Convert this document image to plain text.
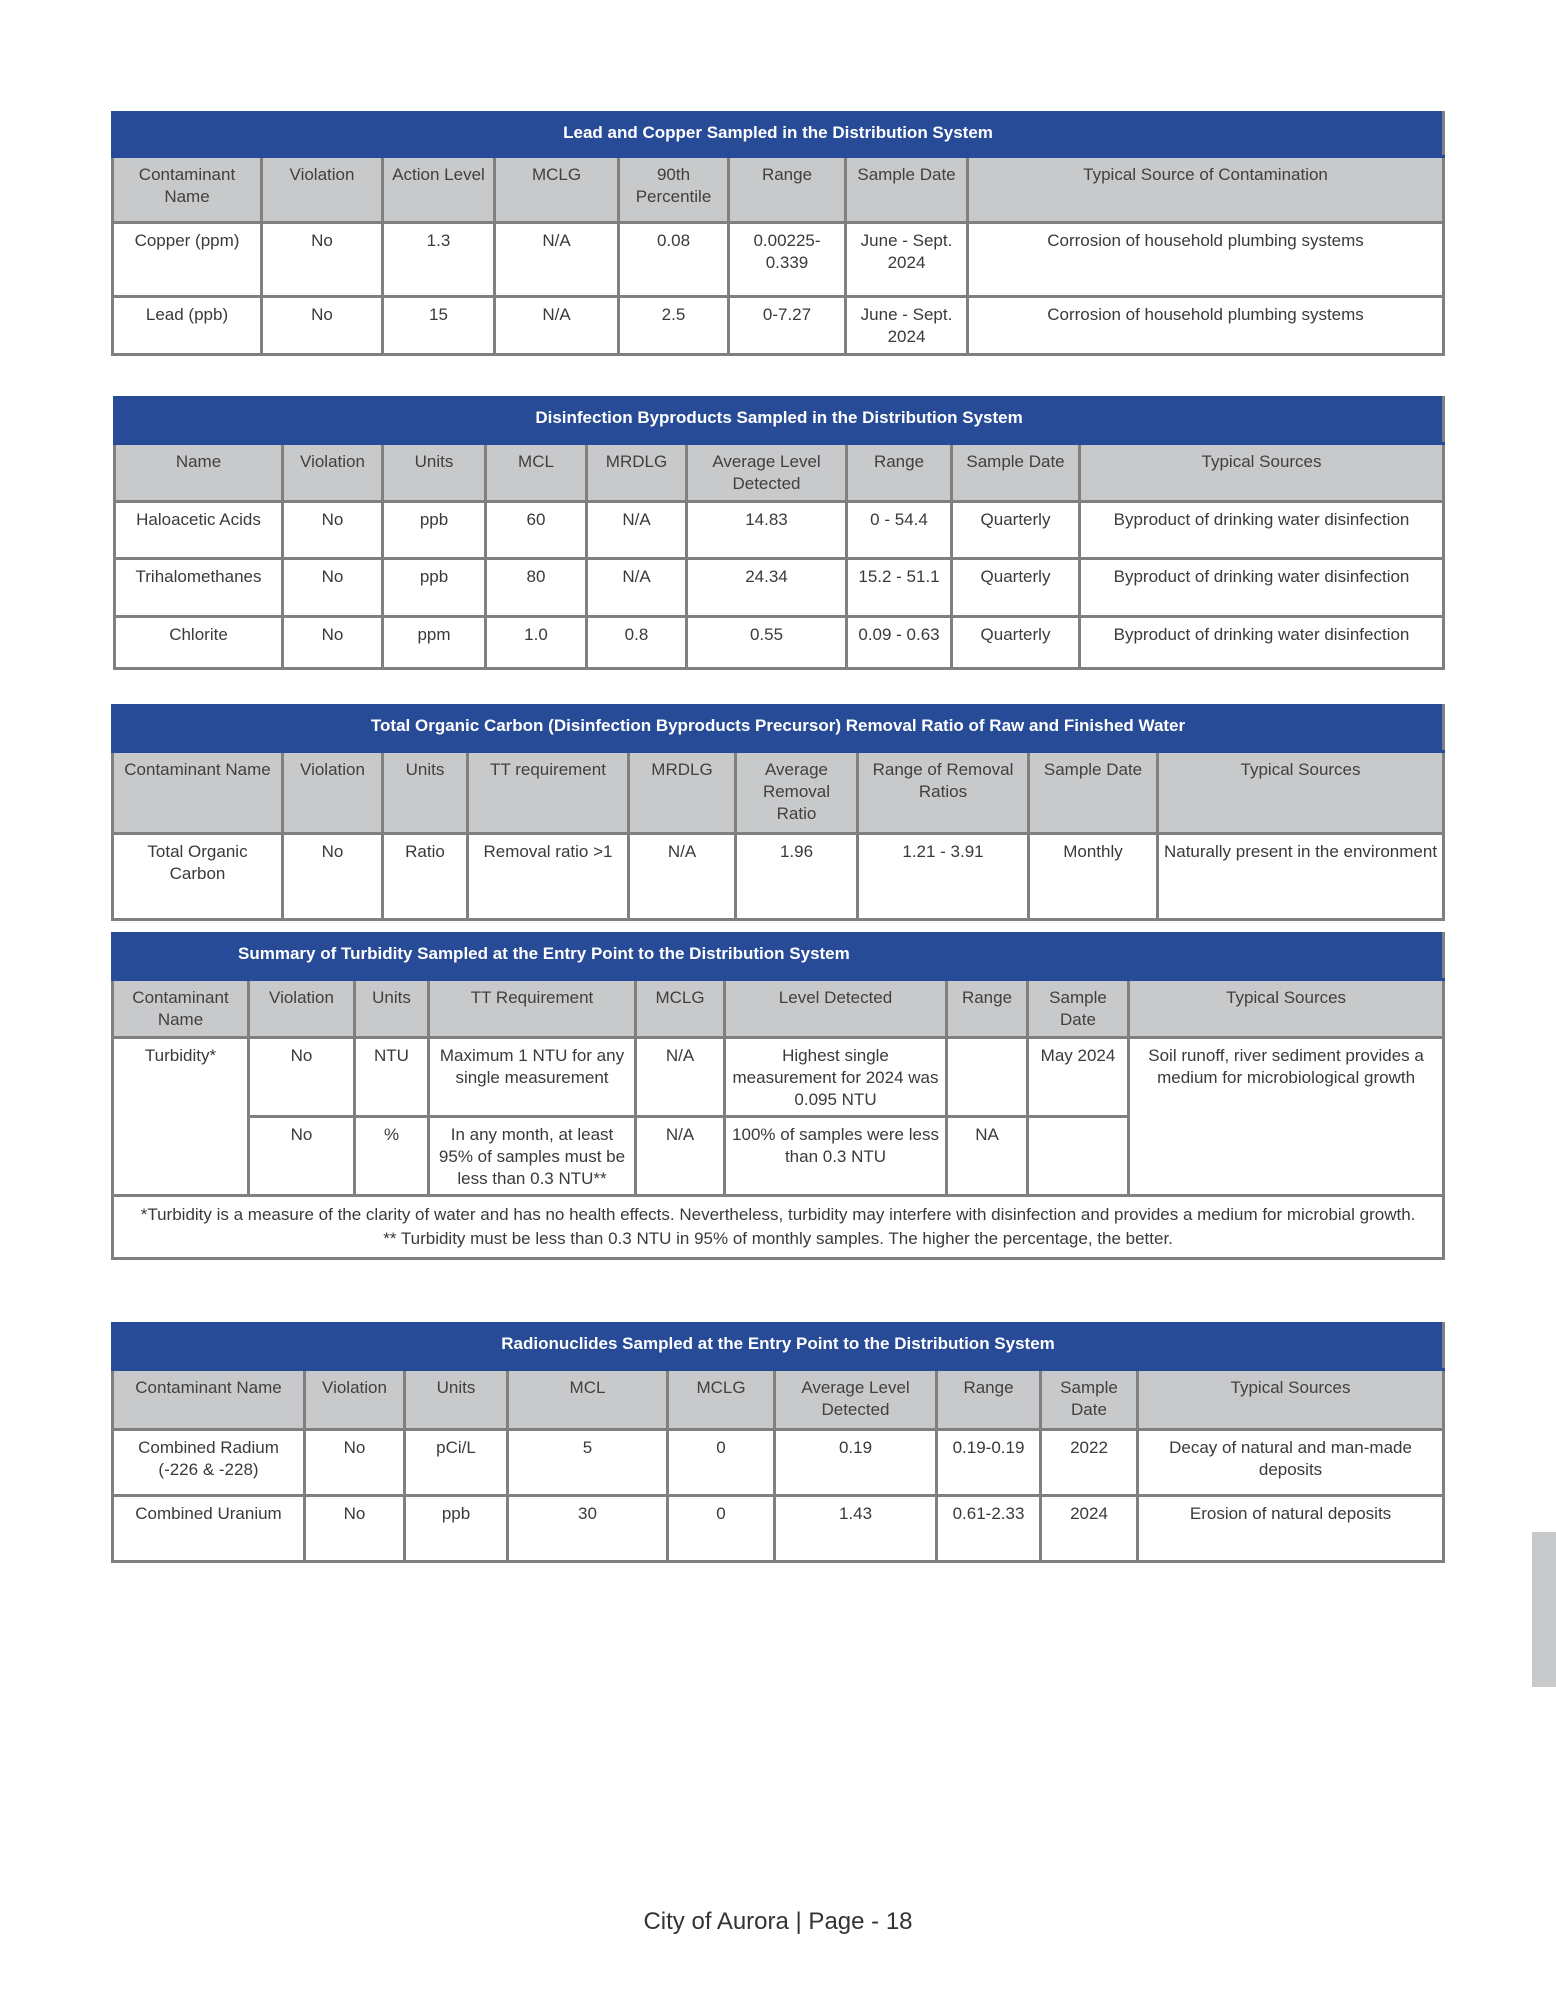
Lead and Copper Sampled in the Distribution System							
Contaminant Name	Violation	Action Level	MCLG	90th Percentile	Range	Sample Date	Typical Source of Contamination
Copper (ppm)	No	1.3	N/A	0.08	0.00225-0.339	June - Sept. 2024	Corrosion of household plumbing systems
Lead (ppb)	No	15	N/A	2.5	0-7.27	June - Sept. 2024	Corrosion of household plumbing systems
Disinfection Byproducts Sampled in the Distribution System								
Name	Violation	Units	MCL	MRDLG	Average Level Detected	Range	Sample Date	Typical Sources
Haloacetic Acids	No	ppb	60	N/A	14.83	0 - 54.4	Quarterly	Byproduct of drinking water disinfection
Trihalomethanes	No	ppb	80	N/A	24.34	15.2 - 51.1	Quarterly	Byproduct of drinking water disinfection
Chlorite	No	ppm	1.0	0.8	0.55	0.09 - 0.63	Quarterly	Byproduct of drinking water disinfection
Total Organic Carbon (Disinfection Byproducts Precursor) Removal Ratio of Raw and Finished Water								
Contaminant Name	Violation	Units	TT requirement	MRDLG	Average Removal Ratio	Range of Removal Ratios	Sample Date	Typical Sources
Total Organic Carbon	No	Ratio	Removal ratio >1	N/A	1.96	1.21 - 3.91	Monthly	Naturally present in the environment
Summary of Turbidity Sampled at the Entry Point to the Distribution System								
Contaminant Name	Violation	Units	TT Requirement	MCLG	Level Detected	Range	Sample Date	Typical Sources
Turbidity*	No	NTU	Maximum 1 NTU for any single measurement	N/A	Highest single measurement for 2024 was 0.095 NTU		May 2024	Soil runoff, river sediment provides a medium for microbiological growth
	No	%	In any month, at least 95% of samples must be less than 0.3 NTU**	N/A	100% of samples were less than 0.3 NTU	NA		

*Turbidity is a measure of the clarity of water and has no health effects. Nevertheless, turbidity may interfere with disinfection and provides a medium for microbial growth.
** Turbidity must be less than 0.3 NTU in 95% of monthly samples. The higher the percentage, the better.								
Radionuclides Sampled at the Entry Point to the Distribution System								
Contaminant Name	Violation	Units	MCL	MCLG	Average Level Detected	Range	Sample Date	Typical Sources
Combined Radium (-226 & -228)	No	pCi/L	5	0	0.19	0.19-0.19	2022	Decay of natural and man-made deposits
Combined Uranium	No	ppb	30	0	1.43	0.61-2.33	2024	Erosion of natural deposits
City of Aurora | Page - 18
